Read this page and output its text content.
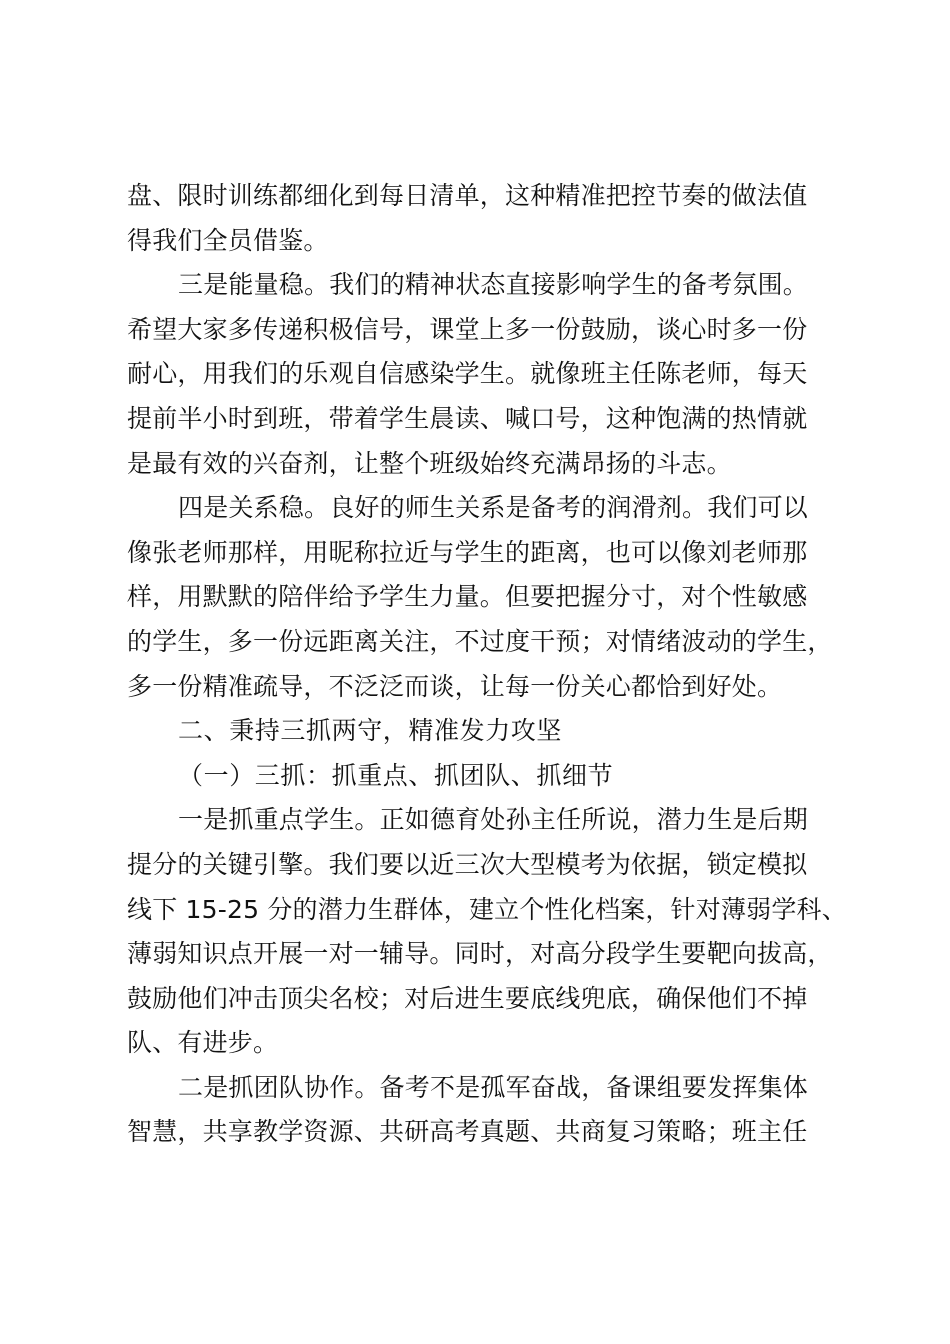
盘、限时训练都细化到每日清单，这种精准把控节奏的做法值
得我们全员借鉴。
三是能量稳。我们的精神状态直接影响学生的备考氛围。
希望大家多传递积极信号，课堂上多一份鼓励，谈心时多一份
耐心，用我们的乐观自信感染学生。就像班主任陈老师，每天
提前半小时到班，带着学生晨读、喊口号，这种饱满的热情就
是最有效的兴奋剂，让整个班级始终充满昂扬的斗志。
四是关系稳。良好的师生关系是备考的润滑剂。我们可以
像张老师那样，用昵称拉近与学生的距离，也可以像刘老师那
样，用默默的陪伴给予学生力量。但要把握分寸，对个性敏感
的学生，多一份远距离关注，不过度干预；对情绪波动的学生，
多一份精准疏导，不泛泛而谈，让每一份关心都恰到好处。
二、秉持三抓两守，精准发力攻坚
（一）三抓：抓重点、抓团队、抓细节
一是抓重点学生。正如德育处孙主任所说，潜力生是后期
提分的关键引擎。我们要以近三次大型模考为依据，锁定模拟
线下 15-25 分的潜力生群体，建立个性化档案，针对薄弱学科、
薄弱知识点开展一对一辅导。同时，对高分段学生要靶向拔高，
鼓励他们冲击顶尖名校；对后进生要底线兜底，确保他们不掉
队、有进步。
二是抓团队协作。备考不是孤军奋战，备课组要发挥集体
智慧，共享教学资源、共研高考真题、共商复习策略；班主任
